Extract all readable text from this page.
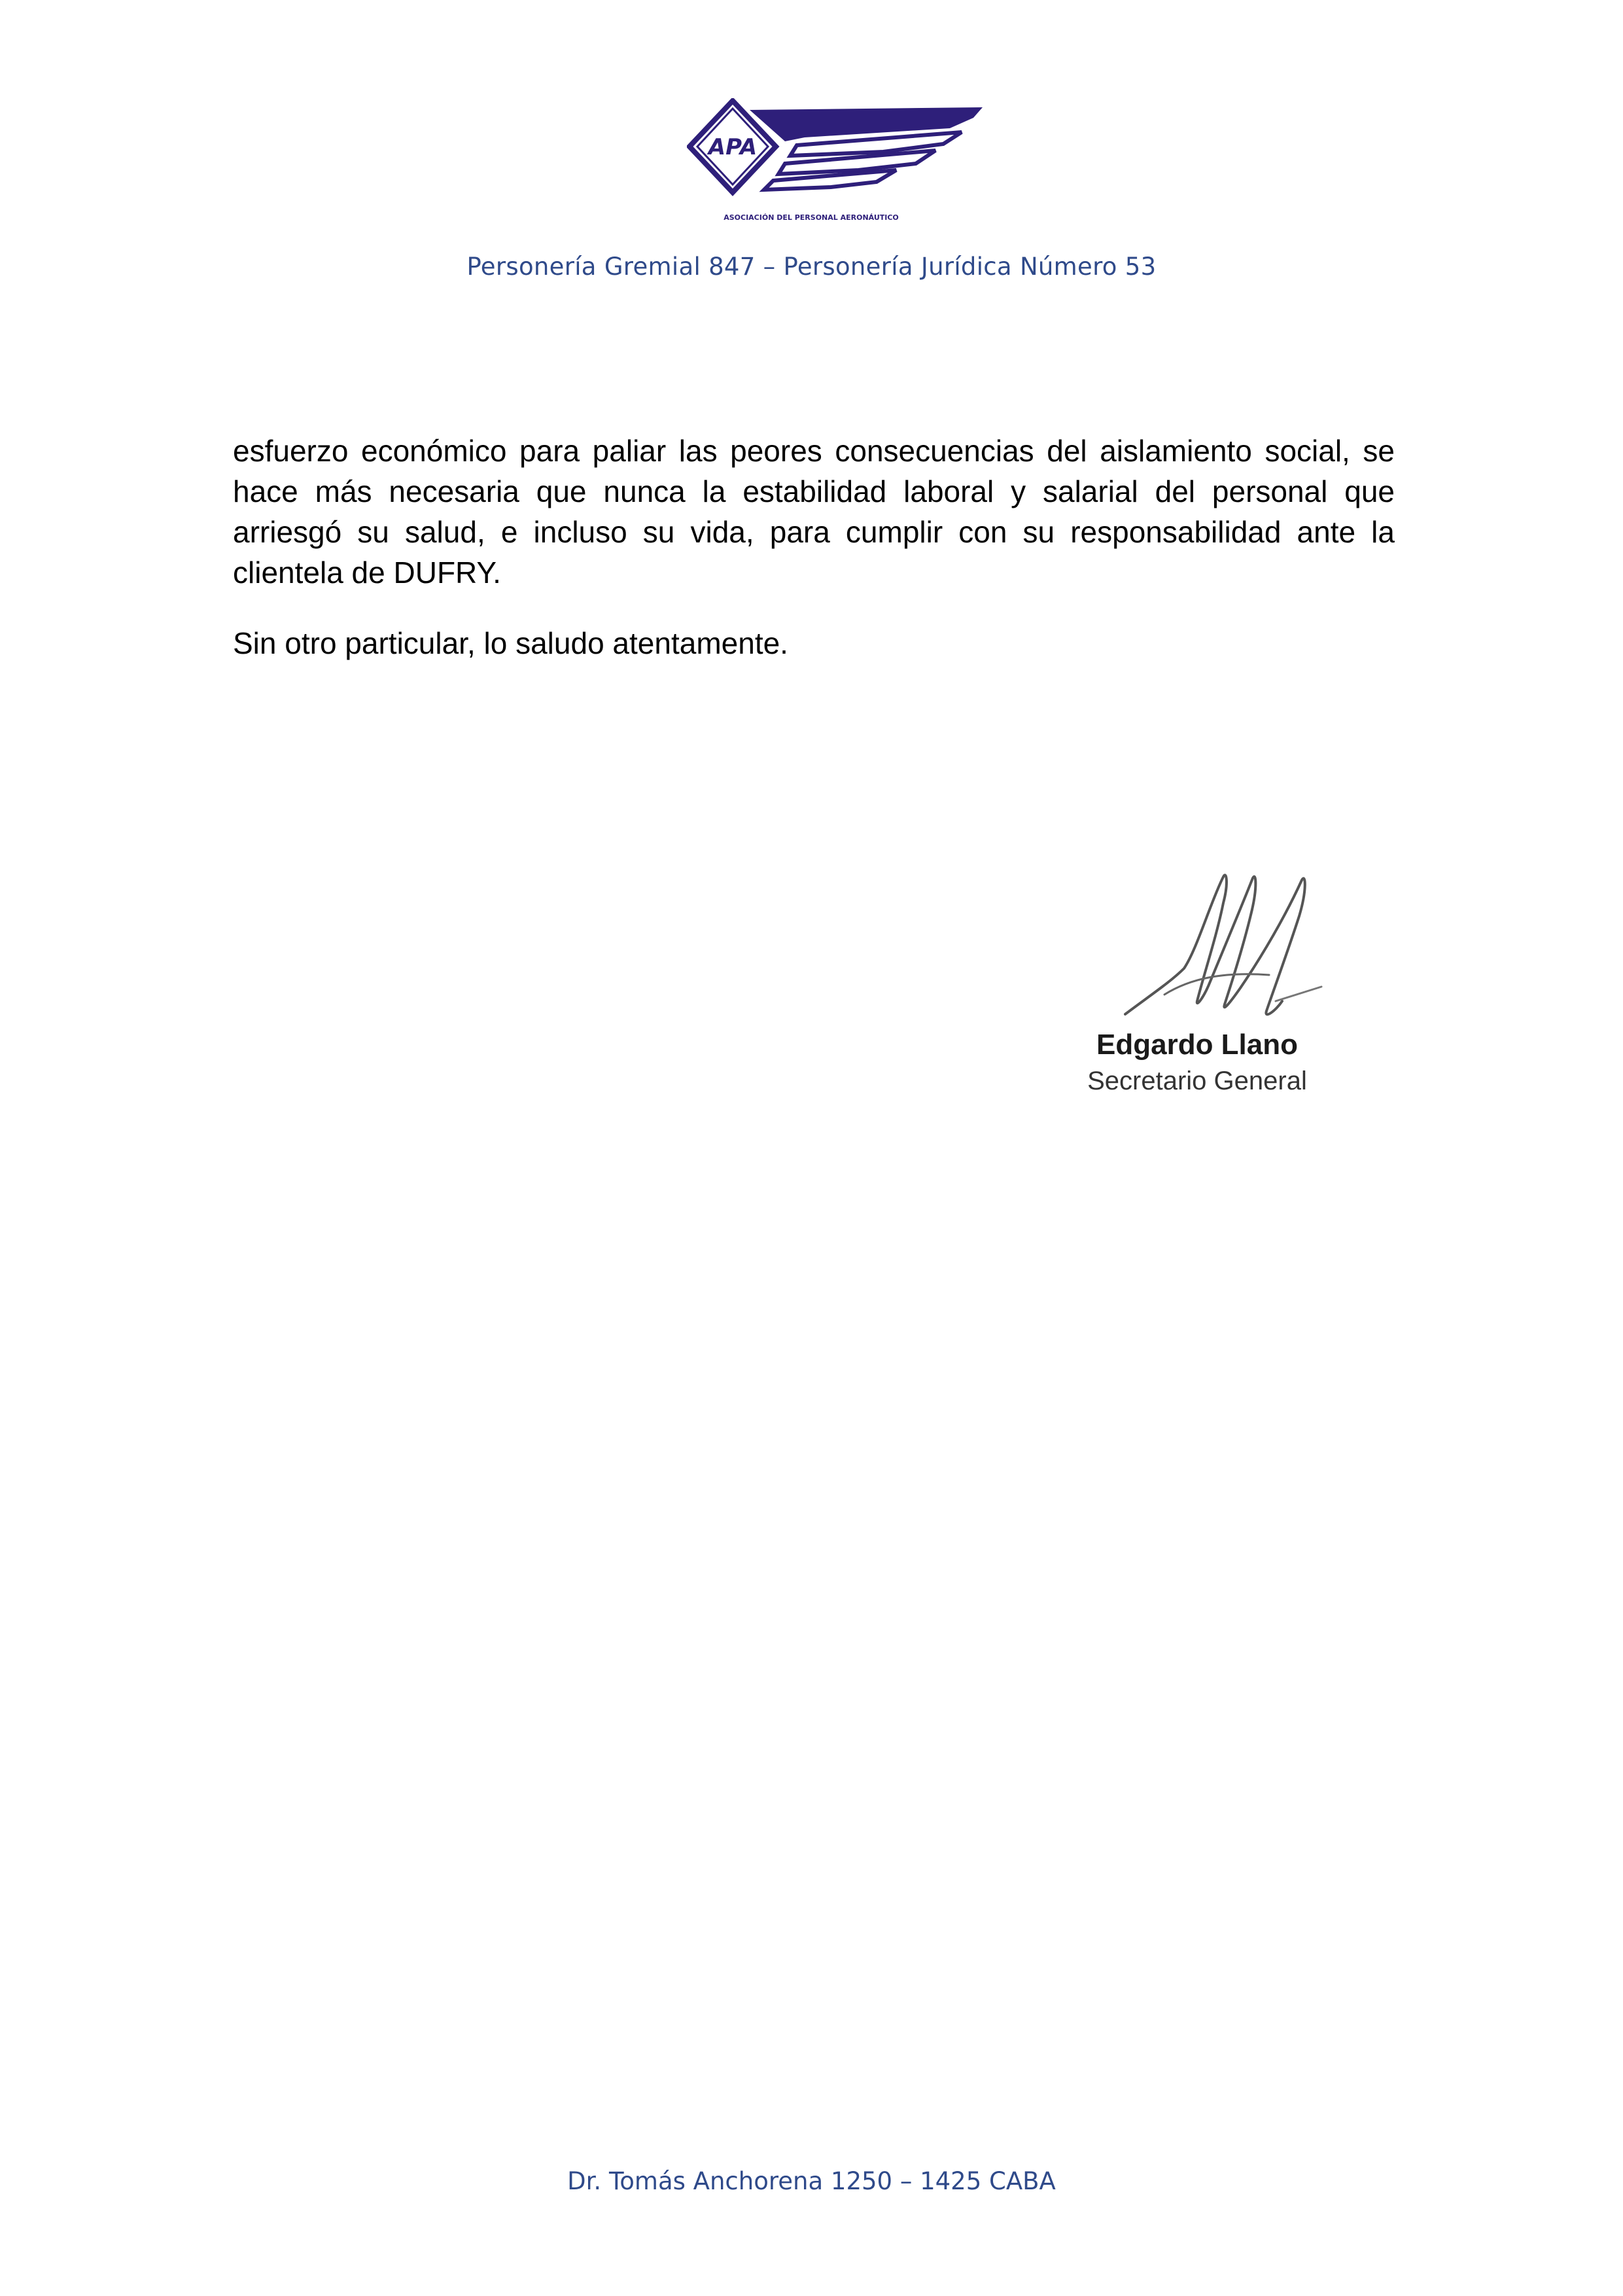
APA
ASOCIACIÓN DEL PERSONAL AERONÁUTICO
Personería Gremial 847 – Personería Jurídica Número 53

esfuerzo económico para paliar las peores consecuencias del aislamiento social, se hace más necesaria que nunca la estabilidad laboral y salarial del personal que arriesgó su salud, e incluso su vida, para cumplir con su responsabilidad ante la clientela de DUFRY.

Sin otro particular, lo saludo atentamente.

Edgardo Llano
Secretario General
Dr. Tomás Anchorena 1250 – 1425 CABA
